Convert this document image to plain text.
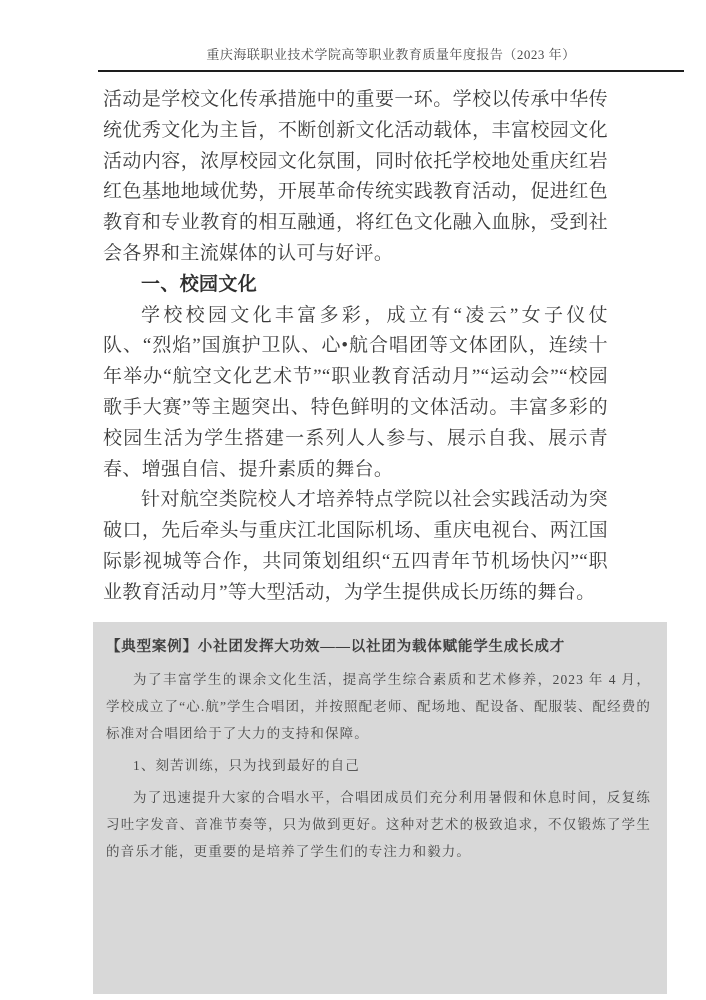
重庆海联职业技术学院高等职业教育质量年度报告（2023 年）

活动是学校文化传承措施中的重要一环。学校以传承中华传统优秀文化为主旨，不断创新文化活动载体，丰富校园文化活动内容，浓厚校园文化氛围，同时依托学校地处重庆红岩红色基地地域优势，开展革命传统实践教育活动，促进红色教育和专业教育的相互融通，将红色文化融入血脉，受到社会各界和主流媒体的认可与好评。

一、校园文化

学校校园文化丰富多彩，成立有“凌云”女子仪仗队、“烈焰”国旗护卫队、心•航合唱团等文体团队，连续十年举办“航空文化艺术节”“职业教育活动月”“运动会”“校园歌手大赛”等主题突出、特色鲜明的文体活动。丰富多彩的校园生活为学生搭建一系列人人参与、展示自我、展示青春、增强自信、提升素质的舞台。

针对航空类院校人才培养特点学院以社会实践活动为突破口，先后牵头与重庆江北国际机场、重庆电视台、两江国际影视城等合作，共同策划组织“五四青年节机场快闪”“职业教育活动月”等大型活动，为学生提供成长历练的舞台。

【典型案例】小社团发挥大功效——以社团为载体赋能学生成长成才

为了丰富学生的课余文化生活，提高学生综合素质和艺术修养，2023 年 4 月，学校成立了“心.航”学生合唱团，并按照配老师、配场地、配设备、配服装、配经费的标准对合唱团给于了大力的支持和保障。

1、刻苦训练，只为找到最好的自己

为了迅速提升大家的合唱水平，合唱团成员们充分利用暑假和休息时间，反复练习吐字发音、音准节奏等，只为做到更好。这种对艺术的极致追求，不仅锻炼了学生的音乐才能，更重要的是培养了学生们的专注力和毅力。
